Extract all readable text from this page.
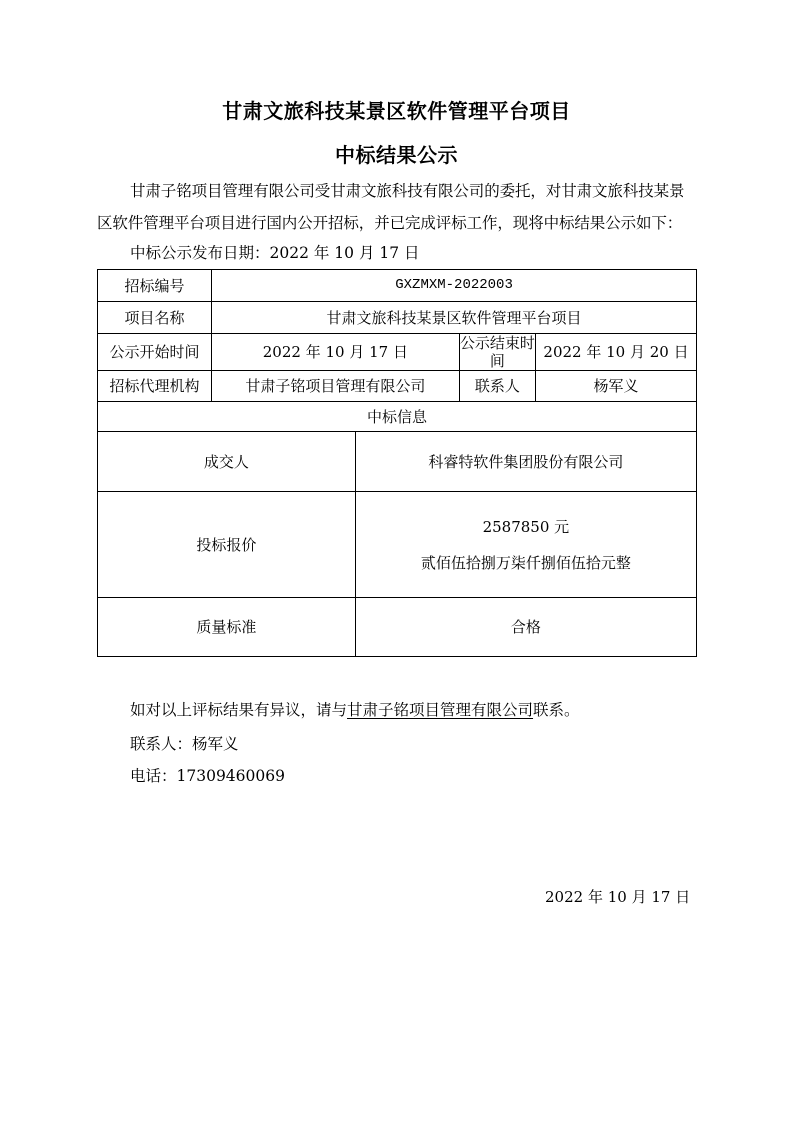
甘肃文旅科技某景区软件管理平台项目
中标结果公示
甘肃子铭项目管理有限公司受甘肃文旅科技有限公司的委托，对甘肃文旅科技某景
区软件管理平台项目进行国内公开招标，并已完成评标工作，现将中标结果公示如下：
中标公示发布日期：2022 年 10 月 17 日
招标编号	GXZMXM-2022003			
项目名称	甘肃文旅科技某景区软件管理平台项目			
公示开始时间	2022 年 10 月 17 日		公示结束时间	2022 年 10 月 20 日
招标代理机构	甘肃子铭项目管理有限公司		联系人	杨军义
中标信息				
成交人		科睿特软件集团股份有限公司		
投标报价		2587850 元
贰佰伍拾捌万柒仟捌佰伍拾元整		

质量标准		合格		
如对以上评标结果有异议，请与甘肃子铭项目管理有限公司联系。
联系人：杨军义
电话：17309460069
2022 年 10 月 17 日
